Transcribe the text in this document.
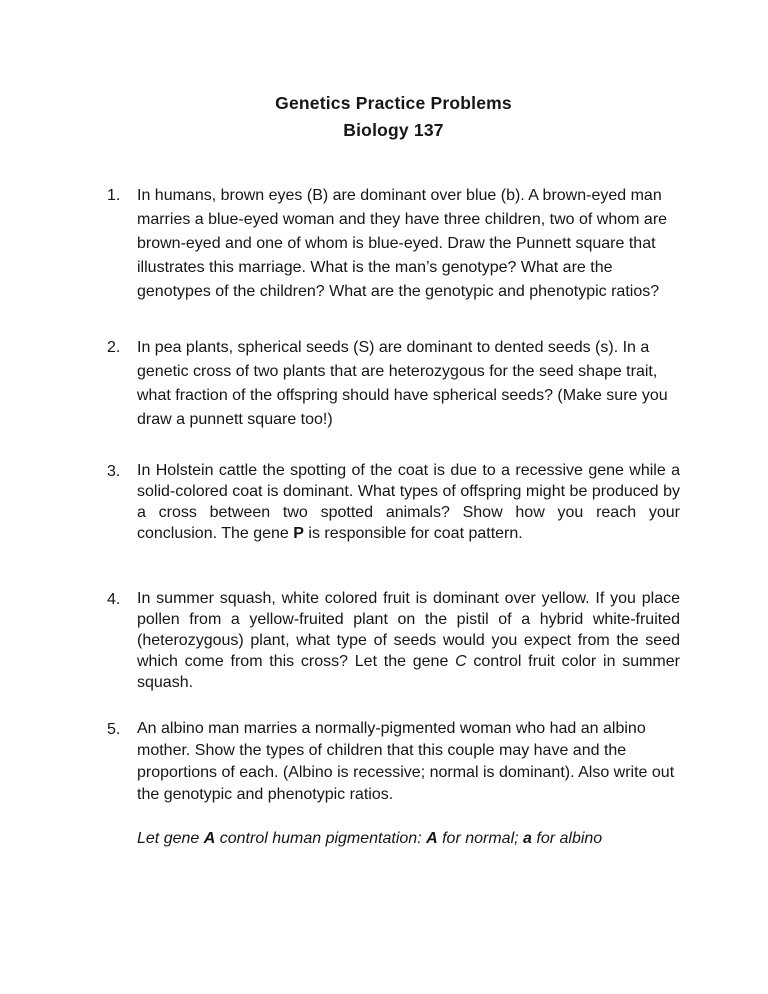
Genetics Practice Problems
Biology 137
1.	In humans, brown eyes (B) are dominant over blue (b). A brown-eyed man marries a blue-eyed woman and they have three children, two of whom are brown-eyed and one of whom is blue-eyed. Draw the Punnett square that illustrates this marriage. What is the man’s genotype? What are the genotypes of the children? What are the genotypic and phenotypic ratios?

2.	In pea plants, spherical seeds (S) are dominant to dented seeds (s). In a genetic cross of two plants that are heterozygous for the seed shape trait, what fraction of the offspring should have spherical seeds? (Make sure you draw a punnett square too!)

3.	In Holstein cattle the spotting of the coat is due to a recessive gene while a solid-colored coat is dominant. What types of offspring might be produced by a cross between two spotted animals? Show how you reach your conclusion. The gene P is responsible for coat pattern.

4.	In summer squash, white colored fruit is dominant over yellow. If you place pollen from a yellow-fruited plant on the pistil of a hybrid white-fruited (heterozygous) plant, what type of seeds would you expect from the seed which come from this cross? Let the gene C control fruit color in summer squash.

5.	An albino man marries a normally-pigmented woman who had an albino mother. Show the types of children that this couple may have and the proportions of each. (Albino is recessive; normal is dominant). Also write out the genotypic and phenotypic ratios.

Let gene A control human pigmentation: A for normal; a for albino
